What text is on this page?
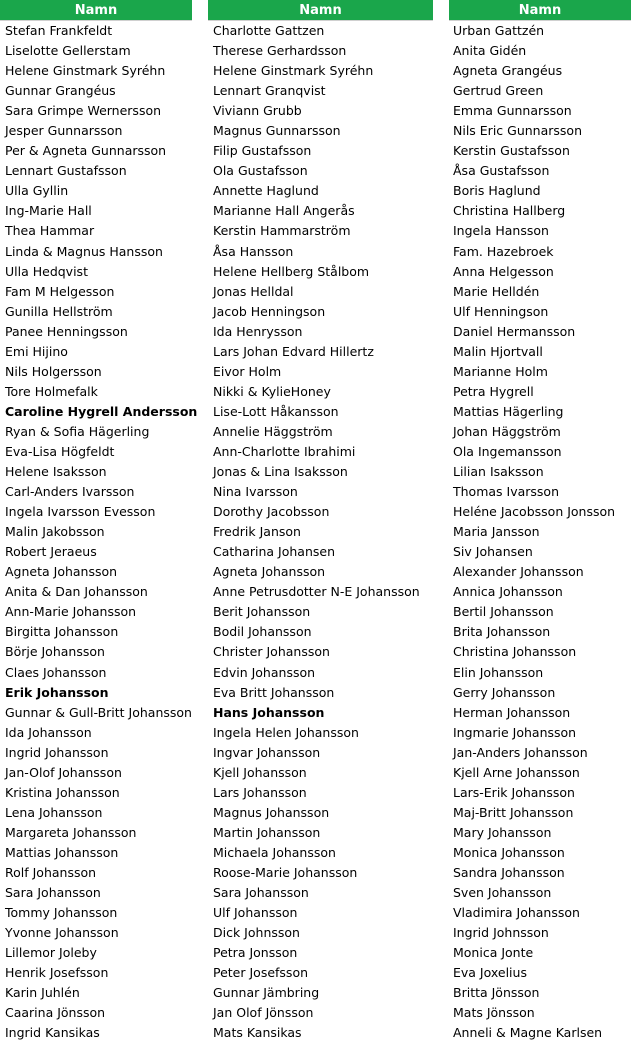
Namn
Stefan Frankfeldt
Liselotte Gellerstam
Helene Ginstmark Syréhn
Gunnar Grangéus
Sara Grimpe Wernersson
Jesper Gunnarsson
Per & Agneta Gunnarsson
Lennart Gustafsson
Ulla Gyllin
Ing-Marie Hall
Thea Hammar
Linda & Magnus Hansson
Ulla Hedqvist
Fam M Helgesson
Gunilla Hellström
Panee Henningsson
Emi Hijino
Nils Holgersson
Tore Holmefalk
Caroline Hygrell Andersson
Ryan & Sofia Hägerling
Eva-Lisa Högfeldt
Helene Isaksson
Carl-Anders Ivarsson
Ingela Ivarsson Evesson
Malin Jakobsson
Robert Jeraeus
Agneta Johansson
Anita & Dan Johansson
Ann-Marie Johansson
Birgitta Johansson
Börje Johansson
Claes Johansson
Erik Johansson
Gunnar & Gull-Britt Johansson
Ida Johansson
Ingrid Johansson
Jan-Olof Johansson
Kristina Johansson
Lena Johansson
Margareta Johansson
Mattias Johansson
Rolf Johansson
Sara Johansson
Tommy Johansson
Yvonne Johansson
Lillemor Joleby
Henrik Josefsson
Karin Juhlén
Caarina Jönsson
Ingrid Kansikas
Namn
Charlotte Gattzen
Therese Gerhardsson
Helene Ginstmark Syréhn
Lennart Granqvist
Viviann Grubb
Magnus Gunnarsson
Filip Gustafsson
Ola Gustafsson
Annette Haglund
Marianne Hall Angerås
Kerstin Hammarström
Åsa Hansson
Helene Hellberg Stålbom
Jonas Helldal
Jacob Henningson
Ida Henrysson
Lars Johan Edvard Hillertz
Eivor Holm
Nikki & KylieHoney
Lise-Lott Håkansson
Annelie Häggström
Ann-Charlotte Ibrahimi
Jonas & Lina Isaksson
Nina Ivarsson
Dorothy Jacobsson
Fredrik Janson
Catharina Johansen
Agneta Johansson
Anne Petrusdotter N-E Johansson
Berit Johansson
Bodil Johansson
Christer Johansson
Edvin Johansson
Eva Britt Johansson
Hans Johansson
Ingela Helen Johansson
Ingvar Johansson
Kjell Johansson
Lars Johansson
Magnus Johansson
Martin Johansson
Michaela Johansson
Roose-Marie Johansson
Sara Johansson
Ulf Johansson
Dick Johnsson
Petra Jonsson
Peter Josefsson
Gunnar Jämbring
Jan Olof Jönsson
Mats Kansikas
Namn
Urban Gattzén
Anita Gidén
Agneta Grangéus
Gertrud Green
Emma Gunnarsson
Nils Eric Gunnarsson
Kerstin Gustafsson
Åsa Gustafsson
Boris Haglund
Christina Hallberg
Ingela Hansson
Fam. Hazebroek
Anna Helgesson
Marie Helldén
Ulf Henningson
Daniel Hermansson
Malin Hjortvall
Marianne Holm
Petra Hygrell
Mattias Hägerling
Johan Häggström
Ola Ingemansson
Lilian Isaksson
Thomas Ivarsson
Heléne Jacobsson Jonsson
Maria Jansson
Siv Johansen
Alexander Johansson
Annica Johansson
Bertil Johansson
Brita Johansson
Christina Johansson
Elin Johansson
Gerry Johansson
Herman Johansson
Ingmarie Johansson
Jan-Anders Johansson
Kjell Arne Johansson
Lars-Erik Johansson
Maj-Britt Johansson
Mary Johansson
Monica Johansson
Sandra Johansson
Sven Johansson
Vladimira Johansson
Ingrid Johnsson
Monica Jonte
Eva Joxelius
Britta Jönsson
Mats Jönsson
Anneli & Magne Karlsen
